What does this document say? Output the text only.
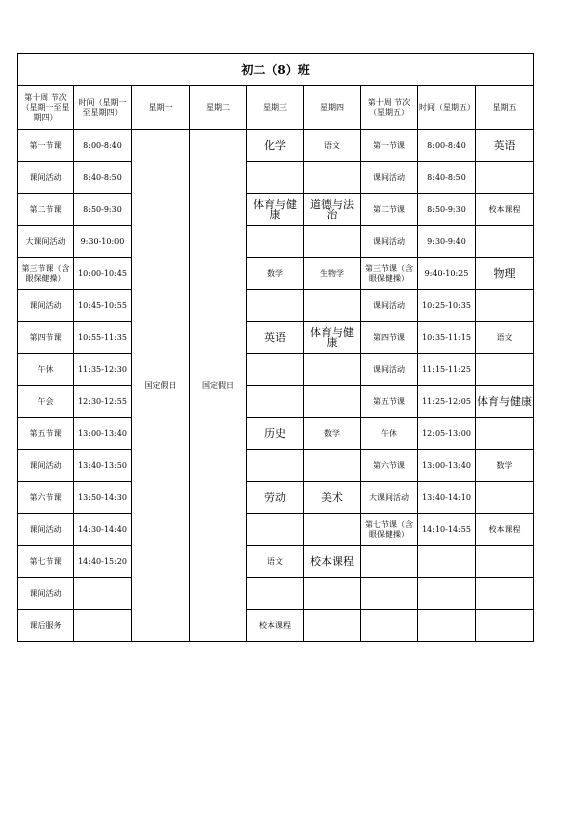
初二（8）班								
第十周 节次（星期一至星期四）	时间（星期一至星期四）	星期一	星期二	星期三	星期四	第十周 节次（星期五）	时间（星期五）	星期五
第一节课	8:00-8:40	国定假日	国定假日	化学	语文	第一节课	8:00-8:40	英语
课间活动	8:40-8:50					课间活动	8:40-8:50	
第二节课	8:50-9:30			体育与健康	道德与法治	第二节课	8:50-9:30	校本课程
大课间活动	9:30-10:00					课间活动	9:30-9:40	
第三节课（含眼保健操）	10:00-10:45			数学	生物学	第三节课（含眼保健操）	9:40-10:25	物理
课间活动	10:45-10:55					课间活动	10:25-10:35	
第四节课	10:55-11:35			英语	体育与健康	第四节课	10:35-11:15	语文
午休	11:35-12:30					课间活动	11:15-11:25	
午会	12:30-12:55					第五节课	11:25-12:05	体育与健康
第五节课	13:00-13:40			历史	数学	午休	12:05-13:00	
课间活动	13:40-13:50					第六节课	13:00-13:40	数学
第六节课	13:50-14:30			劳动	美术	大课间活动	13:40-14:10	
课间活动	14:30-14:40					第七节课（含眼保健操）	14:10-14:55	校本课程
第七节课	14:40-15:20			语文	校本课程			
课间活动								
课后服务				校本课程				
